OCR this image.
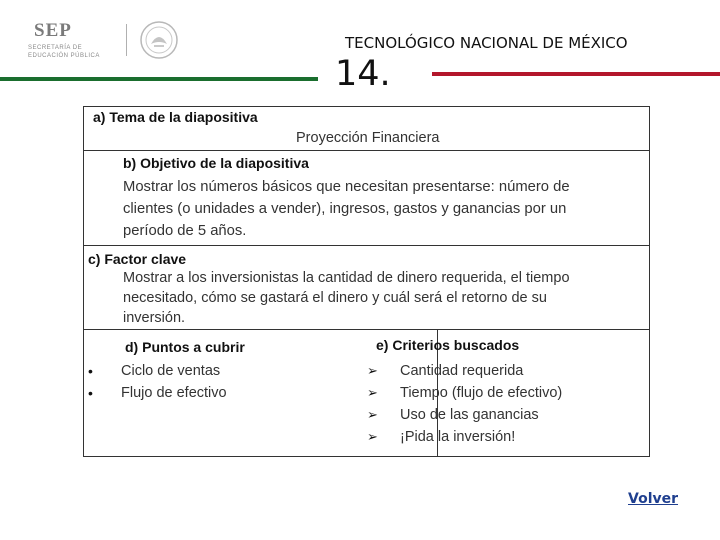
SEP
SECRETARÍA DE
EDUCACIÓN PÚBLICA
TECNOLÓGICO NACIONAL DE MÉXICO
14.
a) Tema de la diapositiva
Proyección Financiera
b) Objetivo de la diapositiva
Mostrar los números básicos que necesitan presentarse: número de
clientes (o unidades a vender), ingresos, gastos y ganancias por un
período de 5 años.
c) Factor clave
Mostrar a los inversionistas la cantidad de dinero requerida, el tiempo
necesitado, cómo se gastará el dinero y cuál será el retorno de su
inversión.
d) Puntos a cubrir
• Ciclo de ventas
• Flujo de efectivo
e) Criterios buscados
➢ Cantidad requerida
➢ Tiempo (flujo de efectivo)
➢ Uso de las ganancias
➢ ¡Pida la inversión!
Volver
